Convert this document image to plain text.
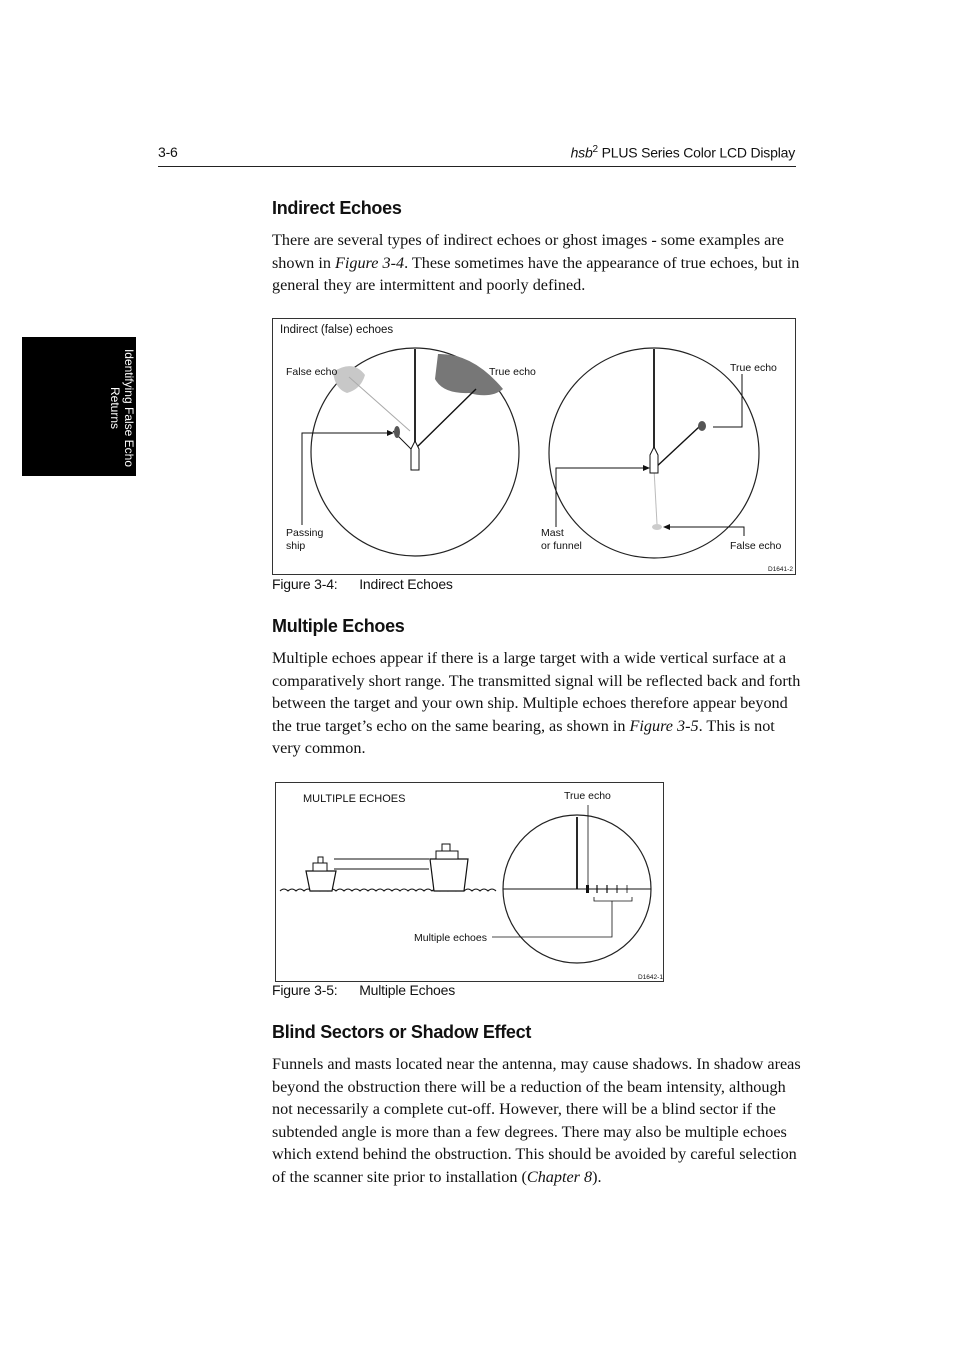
3-6	hsb$^2$ PLUS Series Color LCD Display
Identifying False Echo
Returns
Indirect Echoes

There are several types of indirect echoes or ghost images - some examples are shown in Figure 3-4. These sometimes have the appearance of true echoes, but in general they are intermittent and poorly defined.

Indirect (false) echoes
False echo	True echo
Passing
ship
True echo
Mast
or funnel	False echo
D1641-2
Figure 3-4: Indirect Echoes
Multiple Echoes

Multiple echoes appear if there is a large target with a wide vertical surface at a comparatively short range. The transmitted signal will be reflected back and forth between the target and your own ship. Multiple echoes therefore appear beyond the true target’s echo on the same bearing, as shown in Figure 3-5. This is not very common.

MULTIPLE ECHOES	True echo
Multiple echoes
D1642-1
Figure 3-5: Multiple Echoes
Blind Sectors or Shadow Effect

Funnels and masts located near the antenna, may cause shadows. In shadow areas beyond the obstruction there will be a reduction of the beam intensity, although not necessarily a complete cut-off. However, there will be a blind sector if the subtended angle is more than a few degrees. There may also be multiple echoes which extend behind the obstruction. This should be avoided by careful selection of the scanner site prior to installation (Chapter 8).
